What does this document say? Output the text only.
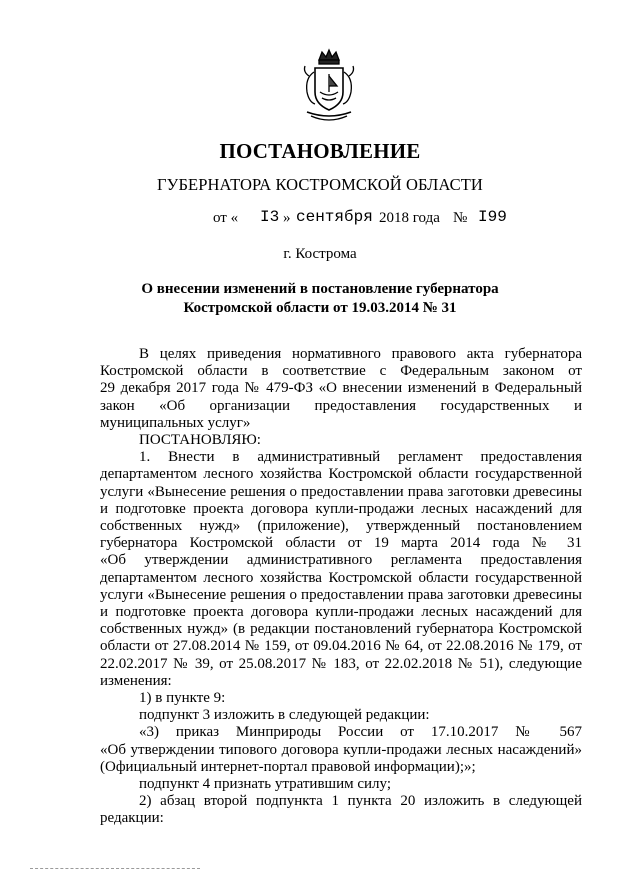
ПОСТАНОВЛЕНИЕ
ГУБЕРНАТОРА КОСТРОМСКОЙ ОБЛАСТИ
от « I3 » сентября 2018 года № I99
г. Кострома
О внесении изменений в постановление губернатора
Костромской области от 19.03.2014 № 31

В целях приведения нормативного правового акта губернатора

Костромской области в соответствие с Федеральным законом от

29 декабря 2017 года № 479-ФЗ «О внесении изменений в Федеральный

закон «Об организации предоставления государственных и

муниципальных услуг»

ПОСТАНОВЛЯЮ:

1. Внести в административный регламент предоставления

департаментом лесного хозяйства Костромской области государственной

услуги «Вынесение решения о предоставлении права заготовки древесины

и подготовке проекта договора купли-продажи лесных насаждений для

собственных нужд» (приложение), утвержденный постановлением

губернатора Костромской области от 19 марта 2014 года № 31

«Об утверждении административного регламента предоставления

департаментом лесного хозяйства Костромской области государственной

услуги «Вынесение решения о предоставлении права заготовки древесины

и подготовке проекта договора купли-продажи лесных насаждений для

собственных нужд» (в редакции постановлений губернатора Костромской

области от 27.08.2014 № 159, от 09.04.2016 № 64, от 22.08.2016 № 179, от

22.02.2017 № 39, от 25.08.2017 № 183, от 22.02.2018 № 51), следующие

изменения:

1) в пункте 9:

подпункт 3 изложить в следующей редакции:

«3) приказ Минприроды России от 17.10.2017 № 567

«Об утверждении типового договора купли-продажи лесных насаждений»

(Официальный интернет-портал правовой информации);»;

подпункт 4 признать утратившим силу;

2) абзац второй подпункта 1 пункта 20 изложить в следующей

редакции:
